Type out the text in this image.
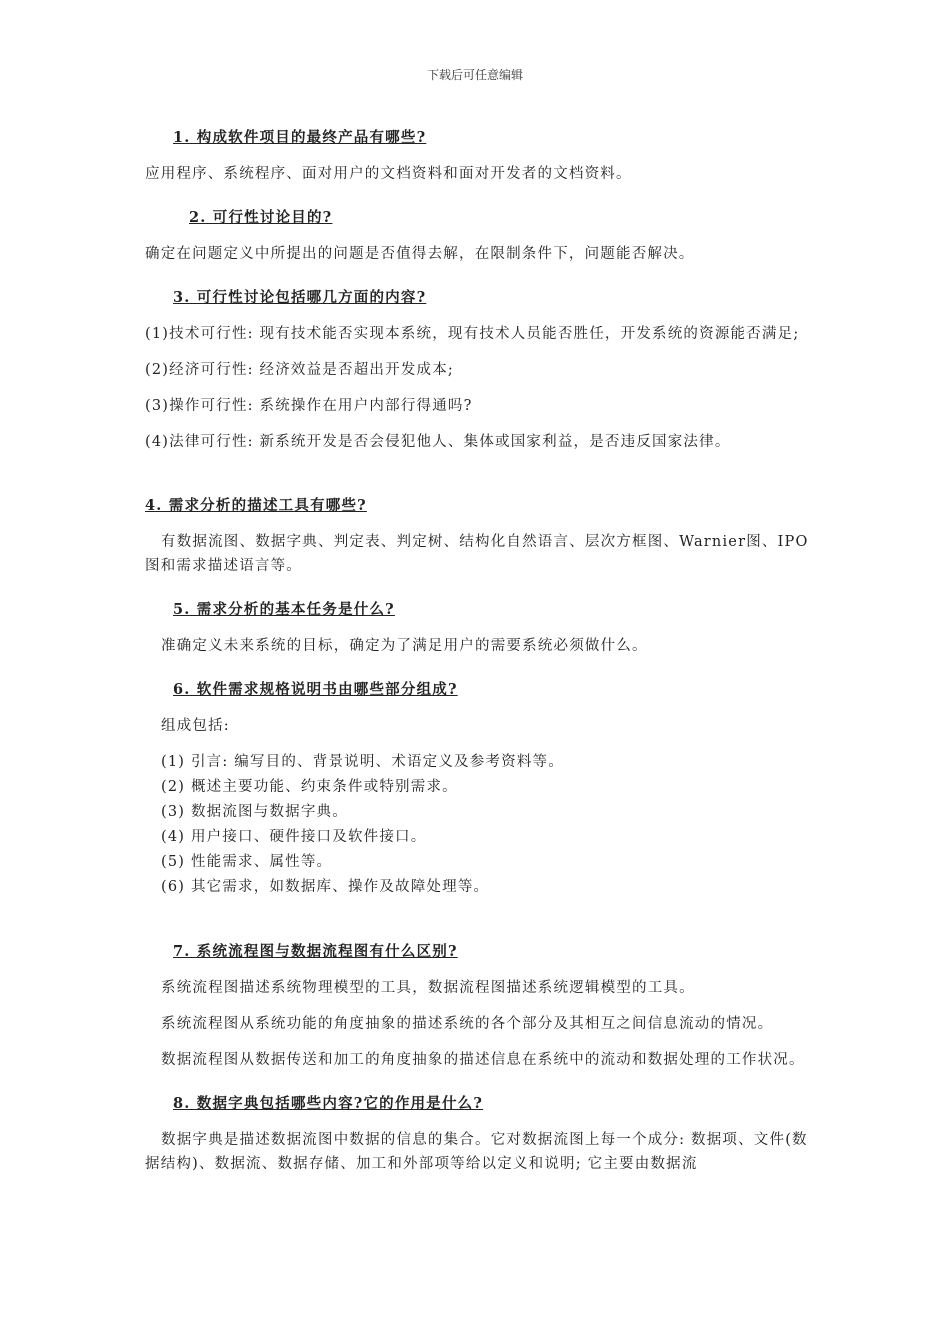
下载后可任意编辑

1. 构成软件项目的最终产品有哪些?

应用程序、系统程序、面对用户的文档资料和面对开发者的文档资料。

2. 可行性讨论目的?

确定在问题定义中所提出的问题是否值得去解，在限制条件下，问题能否解决。

3. 可行性讨论包括哪几方面的内容?

(1)技术可行性: 现有技术能否实现本系统，现有技术人员能否胜任，开发系统的资源能否满足;

(2)经济可行性: 经济效益是否超出开发成本;

(3)操作可行性: 系统操作在用户内部行得通吗?

(4)法律可行性: 新系统开发是否会侵犯他人、集体或国家利益，是否违反国家法律。

4. 需求分析的描述工具有哪些?

有数据流图、数据字典、判定表、判定树、结构化自然语言、层次方框图、Warnier图、IPO图和需求描述语言等。

5. 需求分析的基本任务是什么?

准确定义未来系统的目标，确定为了满足用户的需要系统必须做什么。

6. 软件需求规格说明书由哪些部分组成?

组成包括:

(1) 引言: 编写目的、背景说明、术语定义及参考资料等。

(2) 概述主要功能、约束条件或特别需求。

(3) 数据流图与数据字典。

(4) 用户接口、硬件接口及软件接口。

(5) 性能需求、属性等。

(6) 其它需求，如数据库、操作及故障处理等。

7. 系统流程图与数据流程图有什么区别?

系统流程图描述系统物理模型的工具，数据流程图描述系统逻辑模型的工具。

系统流程图从系统功能的角度抽象的描述系统的各个部分及其相互之间信息流动的情况。

数据流程图从数据传送和加工的角度抽象的描述信息在系统中的流动和数据处理的工作状况。

8. 数据字典包括哪些内容?它的作用是什么?

数据字典是描述数据流图中数据的信息的集合。它对数据流图上每一个成分: 数据项、文件(数据结构)、数据流、数据存储、加工和外部项等给以定义和说明; 它主要由数据流
